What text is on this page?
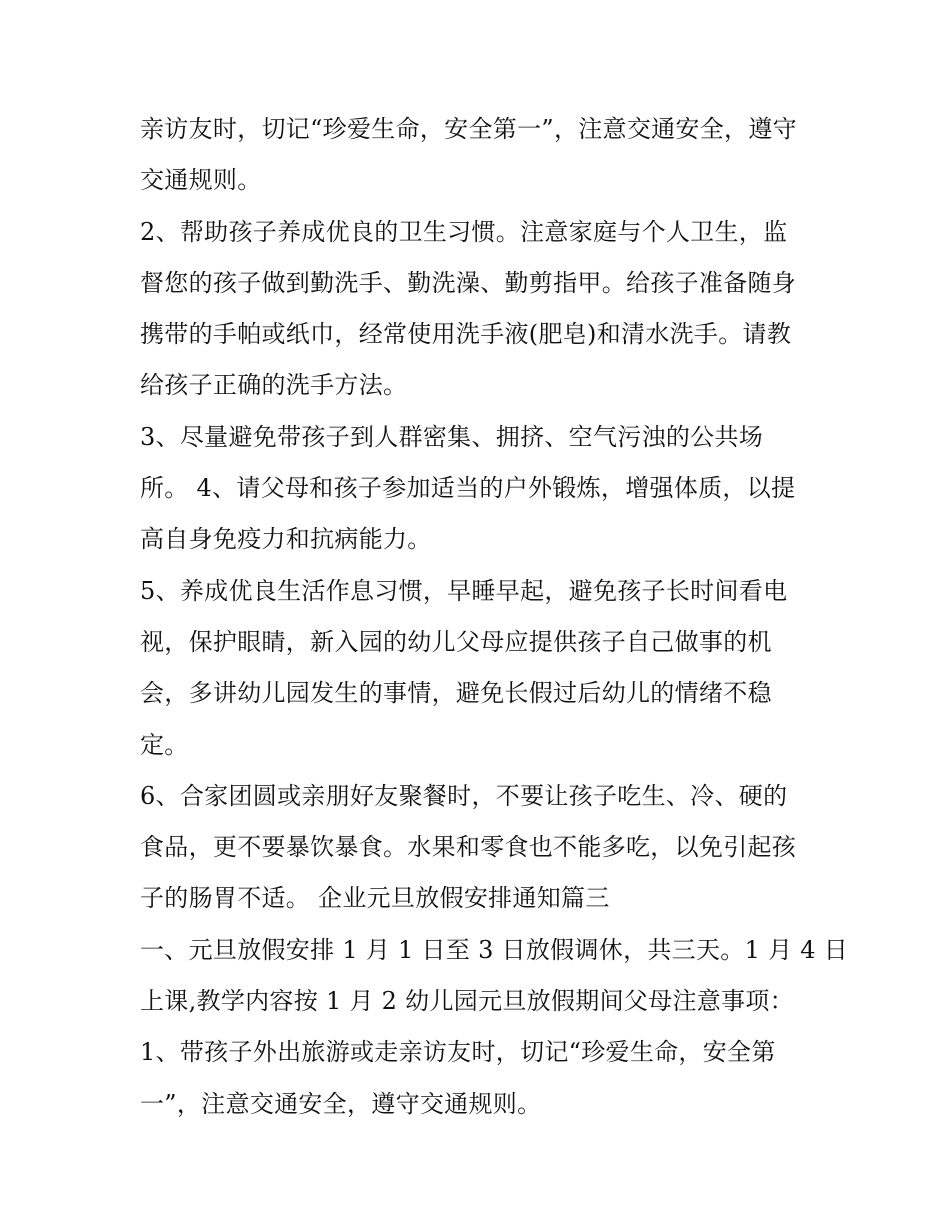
亲访友时，切记“珍爱生命，安全第一”，注意交通安全，遵守
交通规则。
2、帮助孩子养成优良的卫生习惯。注意家庭与个人卫生，监
督您的孩子做到勤洗手、勤洗澡、勤剪指甲。给孩子准备随身
携带的手帕或纸巾，经常使用洗手液(肥皂)和清水洗手。请教
给孩子正确的洗手方法。
3、尽量避免带孩子到人群密集、拥挤、空气污浊的公共场
所。 4、请父母和孩子参加适当的户外锻炼，增强体质，以提
高自身免疫力和抗病能力。
5、养成优良生活作息习惯，早睡早起，避免孩子长时间看电
视，保护眼睛，新入园的幼儿父母应提供孩子自己做事的机
会，多讲幼儿园发生的事情，避免长假过后幼儿的情绪不稳
定。
6、合家团圆或亲朋好友聚餐时，不要让孩子吃生、冷、硬的
食品，更不要暴饮暴食。水果和零食也不能多吃，以免引起孩
子的肠胃不适。 企业元旦放假安排通知篇三
一、元旦放假安排 1 月 1 日至 3 日放假调休，共三天。1 月 4 日
上课,教学内容按 1 月 2 幼儿园元旦放假期间父母注意事项：
1、带孩子外出旅游或走亲访友时，切记“珍爱生命，安全第
一”，注意交通安全，遵守交通规则。
